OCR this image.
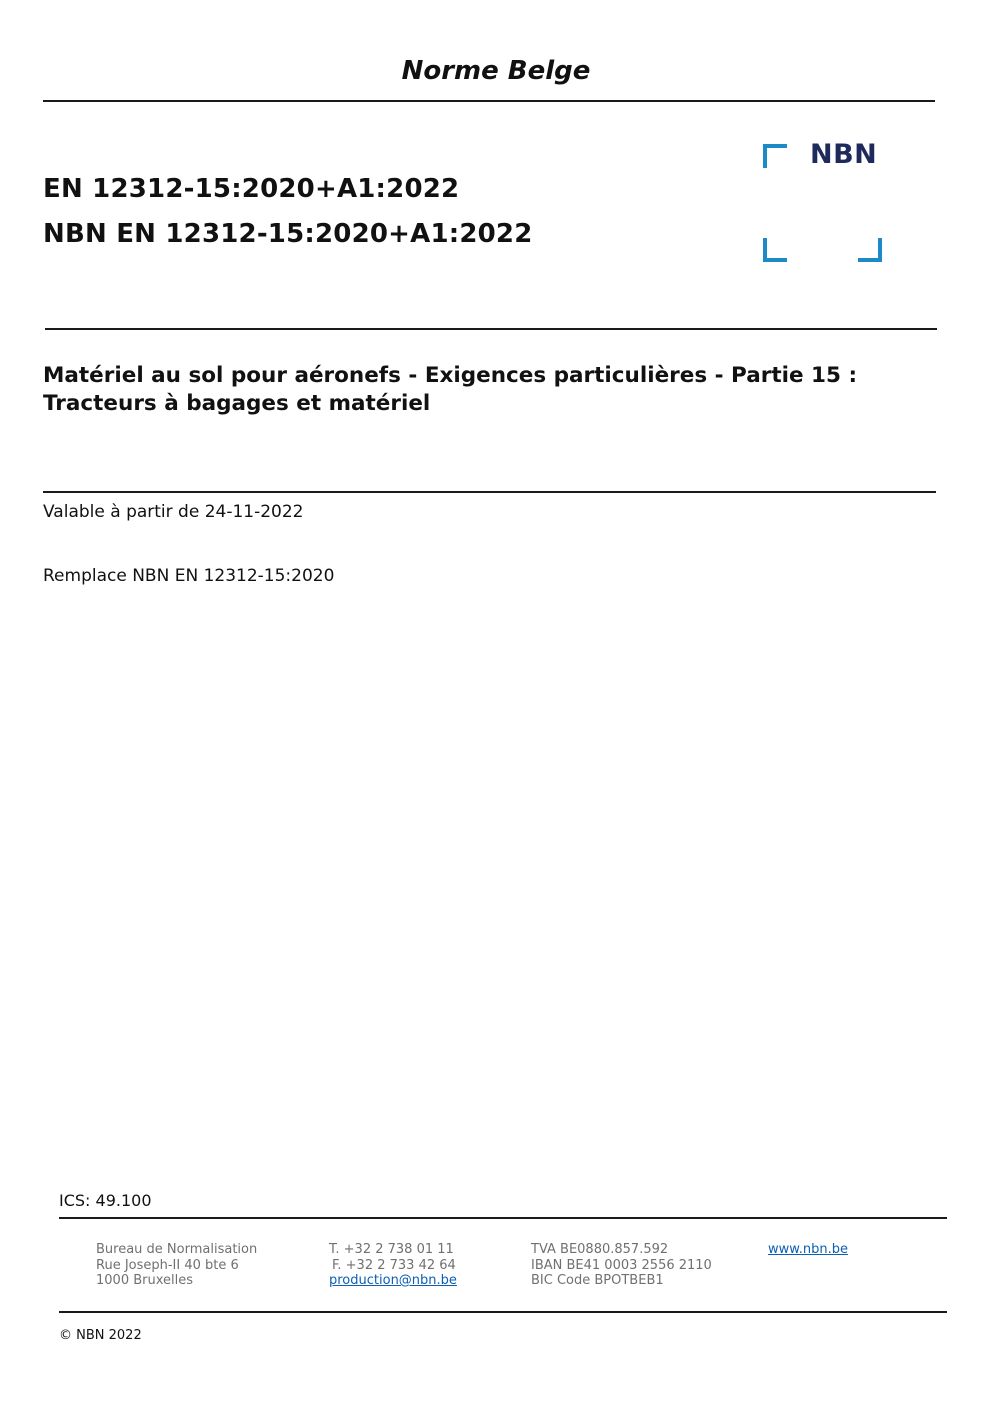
Norme Belge
EN 12312-15:2020+A1:2022
NBN EN 12312-15:2020+A1:2022
NBN
Matériel au sol pour aéronefs - Exigences particulières - Partie 15 : Tracteurs à bagages et matériel
Valable à partir de 24-11-2022
Remplace NBN EN 12312-15:2020
ICS: 49.100
Bureau de Normalisation
Rue Joseph-II 40 bte 6
1000 Bruxelles
T. +32 2 738 01 11
F. +32 2 733 42 64
production@nbn.be
TVA BE0880.857.592
IBAN BE41 0003 2556 2110
BIC Code BPOTBEB1
www.nbn.be
© NBN 2022
